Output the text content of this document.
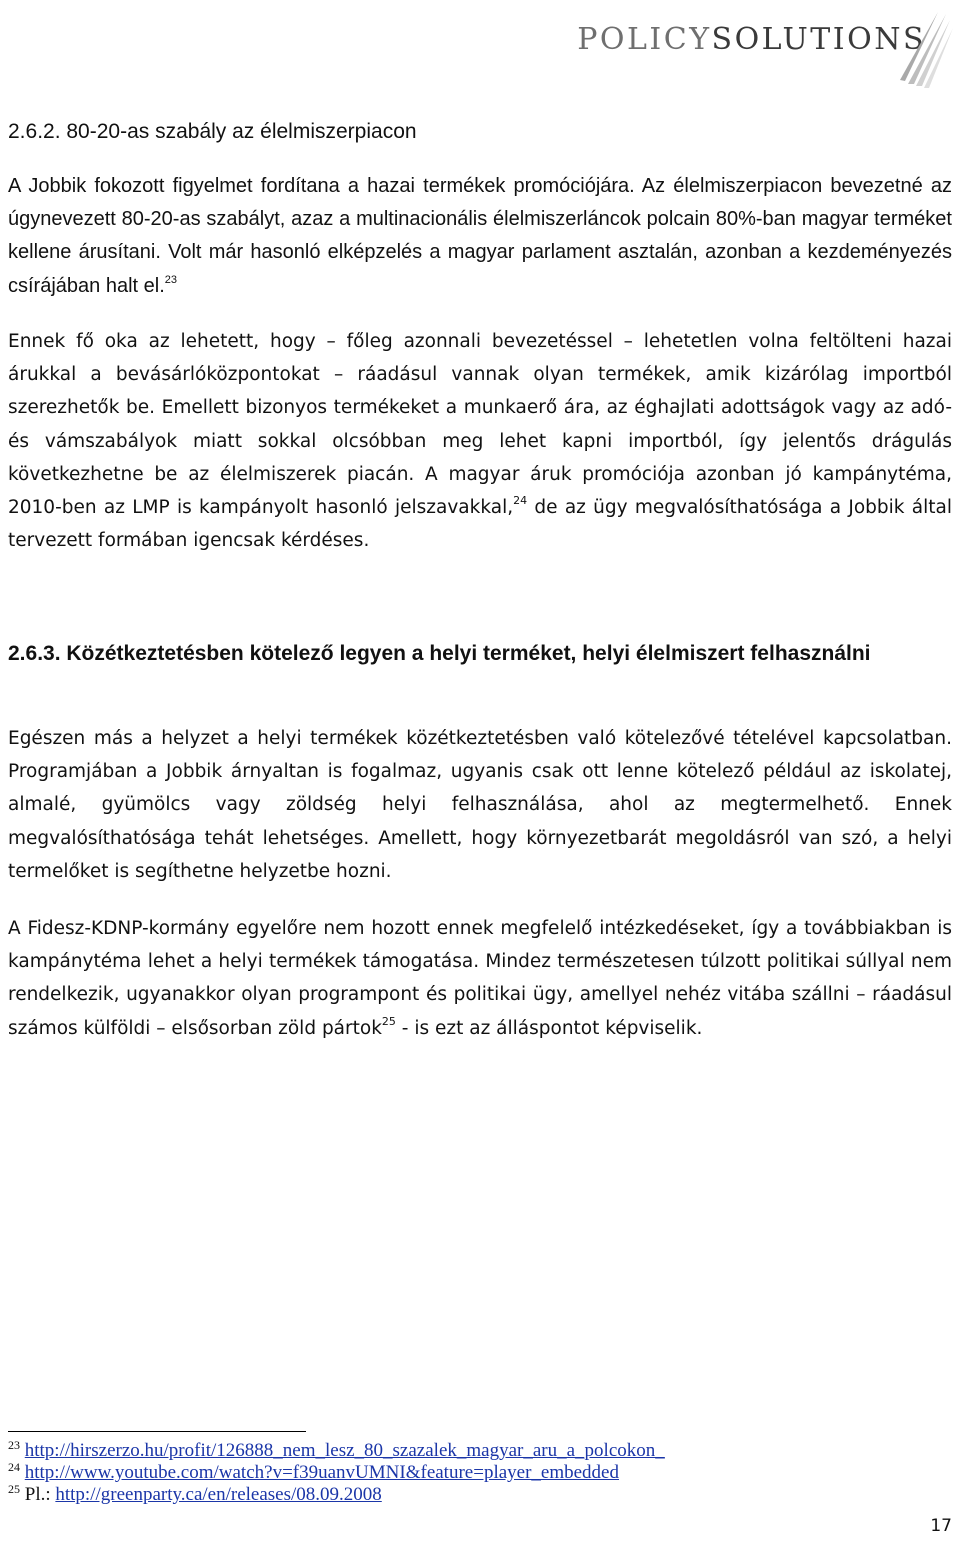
POLICYSOLUTIONS
2.6.2. 80-20-as szabály az élelmiszerpiacon

A Jobbik fokozott figyelmet fordítana a hazai termékek promóciójára. Az élelmiszerpiacon bevezetné az úgynevezett 80-20-as szabályt, azaz a multinacionális élelmiszerláncok polcain 80%-ban magyar terméket kellene árusítani. Volt már hasonló elképzelés a magyar parlament asztalán, azonban a kezdeményezés csírájában halt el.$^{23}$

Ennek fő oka az lehetett, hogy – főleg azonnali bevezetéssel – lehetetlen volna feltölteni hazai árukkal a bevásárlóközpontokat – ráadásul vannak olyan termékek, amik kizárólag importból szerezhetők be. Emellett bizonyos termékeket a munkaerő ára, az éghajlati adottságok vagy az adó- és vámszabályok miatt sokkal olcsóbban meg lehet kapni importból, így jelentős drágulás következhetne be az élelmiszerek piacán. A magyar áruk promóciója azonban jó kampánytéma, 2010-ben az LMP is kampányolt hasonló jelszavakkal,$^{24}$ de az ügy megvalósíthatósága a Jobbik által tervezett formában igencsak kérdéses.

2.6.3. Közétkeztetésben kötelező legyen a helyi terméket, helyi élelmiszert felhasználni

Egészen más a helyzet a helyi termékek közétkeztetésben való kötelezővé tételével kapcsolatban. Programjában a Jobbik árnyaltan is fogalmaz, ugyanis csak ott lenne kötelező például az iskolatej, almalé, gyümölcs vagy zöldség helyi felhasználása, ahol az megtermelhető. Ennek megvalósíthatósága tehát lehetséges. Amellett, hogy környezetbarát megoldásról van szó, a helyi termelőket is segíthetne helyzetbe hozni.

A Fidesz-KDNP-kormány egyelőre nem hozott ennek megfelelő intézkedéseket, így a továbbiakban is kampánytéma lehet a helyi termékek támogatása. Mindez természetesen túlzott politikai súllyal nem rendelkezik, ugyanakkor olyan programpont és politikai ügy, amellyel nehéz vitába szállni – ráadásul számos külföldi – elsősorban zöld pártok$^{25}$ - is ezt az álláspontot képviselik.

$^{23}$ http://hirszerzo.hu/profit/126888_nem_lesz_80_szazalek_magyar_aru_a_polcokon_
$^{24}$ http://www.youtube.com/watch?v=f39uanvUMNI&feature=player_embedded
$^{25}$ Pl.: http://greenparty.ca/en/releases/08.09.2008
17
